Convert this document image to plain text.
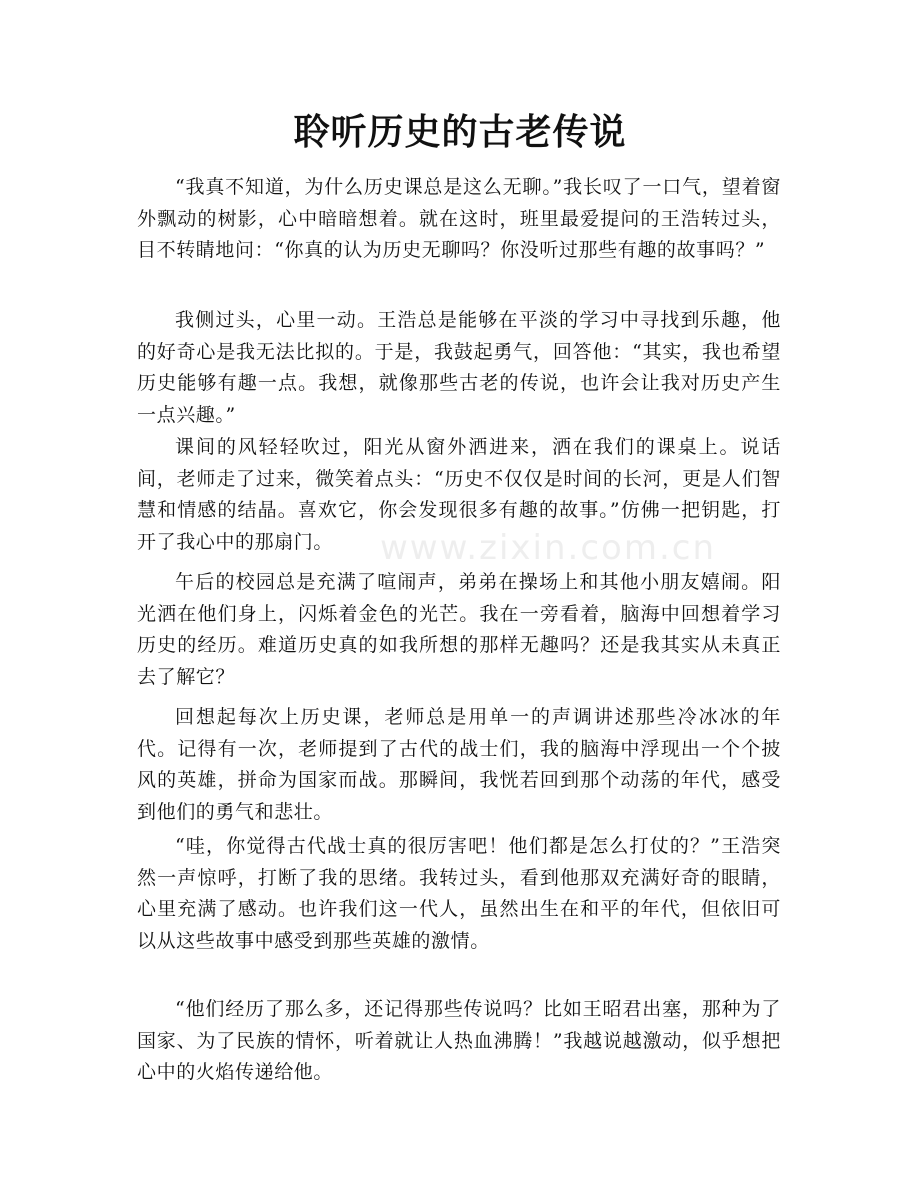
聆听历史的古老传说

“我真不知道，为什么历史课总是这么无聊。”我长叹了一口气，望着窗外飘动的树影，心中暗暗想着。就在这时，班里最爱提问的王浩转过头，目不转睛地问：“你真的认为历史无聊吗？你没听过那些有趣的故事吗？”

我侧过头，心里一动。王浩总是能够在平淡的学习中寻找到乐趣，他的好奇心是我无法比拟的。于是，我鼓起勇气，回答他：“其实，我也希望历史能够有趣一点。我想，就像那些古老的传说，也许会让我对历史产生一点兴趣。”

课间的风轻轻吹过，阳光从窗外洒进来，洒在我们的课桌上。说话间，老师走了过来，微笑着点头：“历史不仅仅是时间的长河，更是人们智慧和情感的结晶。喜欢它，你会发现很多有趣的故事。”仿佛一把钥匙，打开了我心中的那扇门。

午后的校园总是充满了喧闹声，弟弟在操场上和其他小朋友嬉闹。阳光洒在他们身上，闪烁着金色的光芒。我在一旁看着，脑海中回想着学习历史的经历。难道历史真的如我所想的那样无趣吗？还是我其实从未真正去了解它？

回想起每次上历史课，老师总是用单一的声调讲述那些冷冰冰的年代。记得有一次，老师提到了古代的战士们，我的脑海中浮现出一个个披风的英雄，拼命为国家而战。那瞬间，我恍若回到那个动荡的年代，感受到他们的勇气和悲壮。

“哇，你觉得古代战士真的很厉害吧！他们都是怎么打仗的？”王浩突然一声惊呼，打断了我的思绪。我转过头，看到他那双充满好奇的眼睛，心里充满了感动。也许我们这一代人，虽然出生在和平的年代，但依旧可以从这些故事中感受到那些英雄的激情。

“他们经历了那么多，还记得那些传说吗？比如王昭君出塞，那种为了国家、为了民族的情怀，听着就让人热血沸腾！”我越说越激动，似乎想把心中的火焰传递给他。

www.zixin.com.cn
